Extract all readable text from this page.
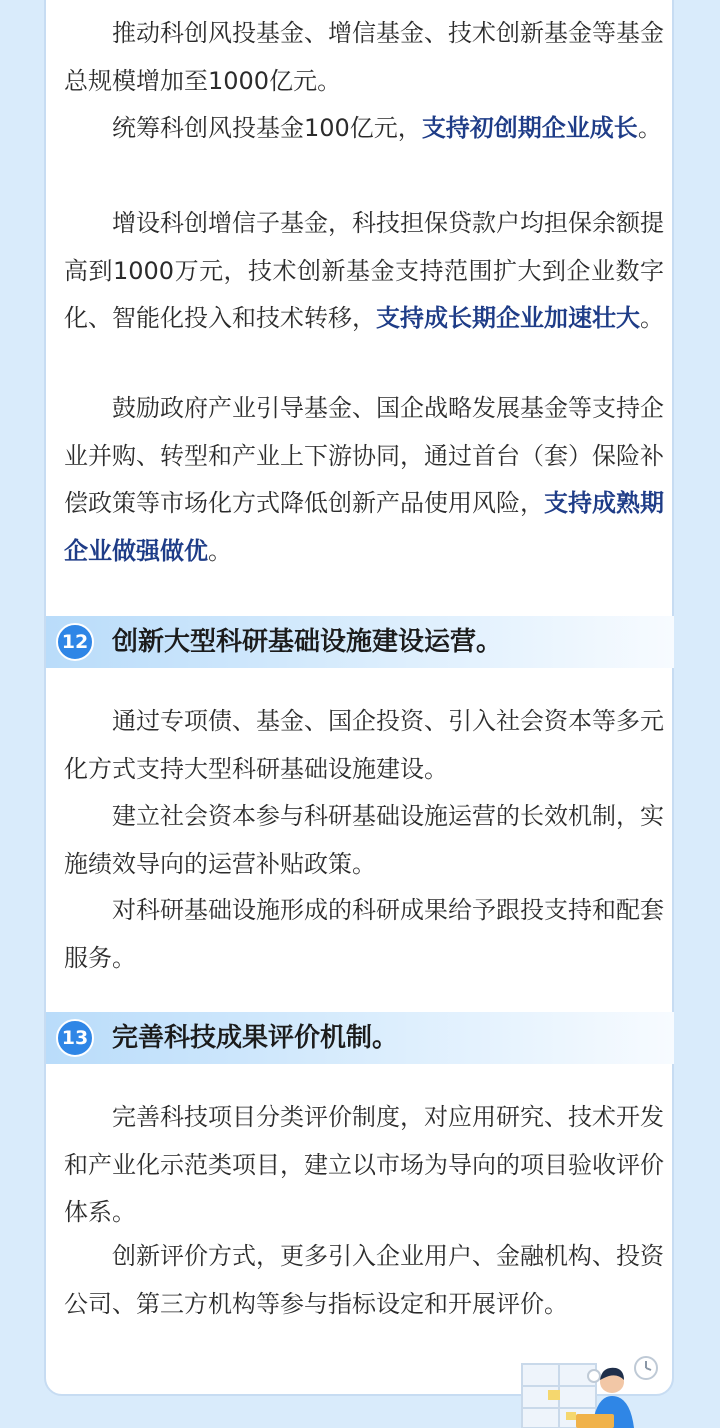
推动科创风投基金、增信基金、技术创新基金等基金总规模增加至1000亿元。

统筹科创风投基金100亿元，支持初创期企业成长。

增设科创增信子基金，科技担保贷款户均担保余额提高到1000万元，技术创新基金支持范围扩大到企业数字化、智能化投入和技术转移，支持成长期企业加速壮大。

鼓励政府产业引导基金、国企战略发展基金等支持企业并购、转型和产业上下游协同，通过首台（套）保险补偿政策等市场化方式降低创新产品使用风险，支持成熟期企业做强做优。

12 创新大型科研基础设施建设运营。

通过专项债、基金、国企投资、引入社会资本等多元化方式支持大型科研基础设施建设。

建立社会资本参与科研基础设施运营的长效机制，实施绩效导向的运营补贴政策。

对科研基础设施形成的科研成果给予跟投支持和配套服务。

13 完善科技成果评价机制。

完善科技项目分类评价制度，对应用研究、技术开发和产业化示范类项目，建立以市场为导向的项目验收评价体系。

创新评价方式，更多引入企业用户、金融机构、投资公司、第三方机构等参与指标设定和开展评价。
